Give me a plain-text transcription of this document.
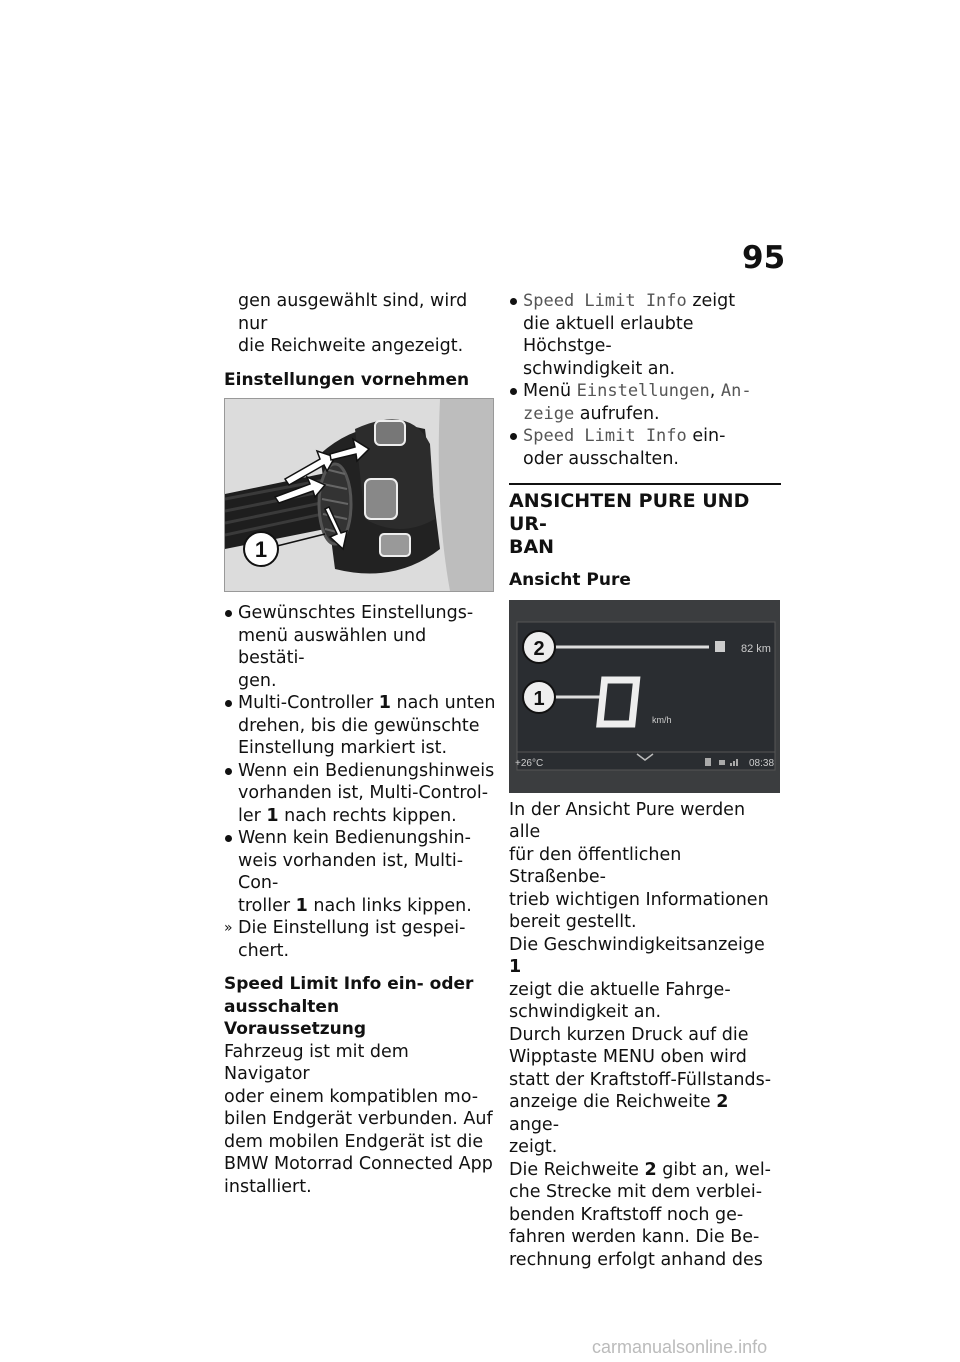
95

gen ausgewählt sind, wird nur
die Reichweite angezeigt.

Einstellungen vornehmen

1

Gewünschtes Einstellungs-
menü auswählen und bestäti-
gen.

Multi-Controller 1 nach unten
drehen, bis die gewünschte
Einstellung markiert ist.

Wenn ein Bedienungshinweis
vorhanden ist, Multi-Control-
ler 1 nach rechts kippen.

Wenn kein Bedienungshin-
weis vorhanden ist, Multi-Con-
troller 1 nach links kippen.

» Die Einstellung ist gespei-
chert.

Speed Limit Info ein- oder
ausschalten

Voraussetzung

Fahrzeug ist mit dem Navigator
oder einem kompatiblen mo-
bilen Endgerät verbunden. Auf
dem mobilen Endgerät ist die
BMW Motorrad Connected App
installiert.

Speed Limit Info zeigt
die aktuell erlaubte Höchstge-
schwindigkeit an.

Menü Einstellungen, An-
zeige aufrufen.

Speed Limit Info ein-
oder ausschalten.

ANSICHTEN PURE UND UR-
BAN

Ansicht Pure

82 km
km/h
2
1
+26°C	08:38

In der Ansicht Pure werden alle
für den öffentlichen Straßenbe-
trieb wichtigen Informationen
bereit gestellt.

Die Geschwindigkeitsanzeige 1
zeigt die aktuelle Fahrge-
schwindigkeit an.

Durch kurzen Druck auf die
Wipptaste MENU oben wird
statt der Kraftstoff-Füllstands-
anzeige die Reichweite 2 ange-
zeigt.

Die Reichweite 2 gibt an, wel-
che Strecke mit dem verblei-
benden Kraftstoff noch ge-
fahren werden kann. Die Be-
rechnung erfolgt anhand des

carmanualsonline.info
